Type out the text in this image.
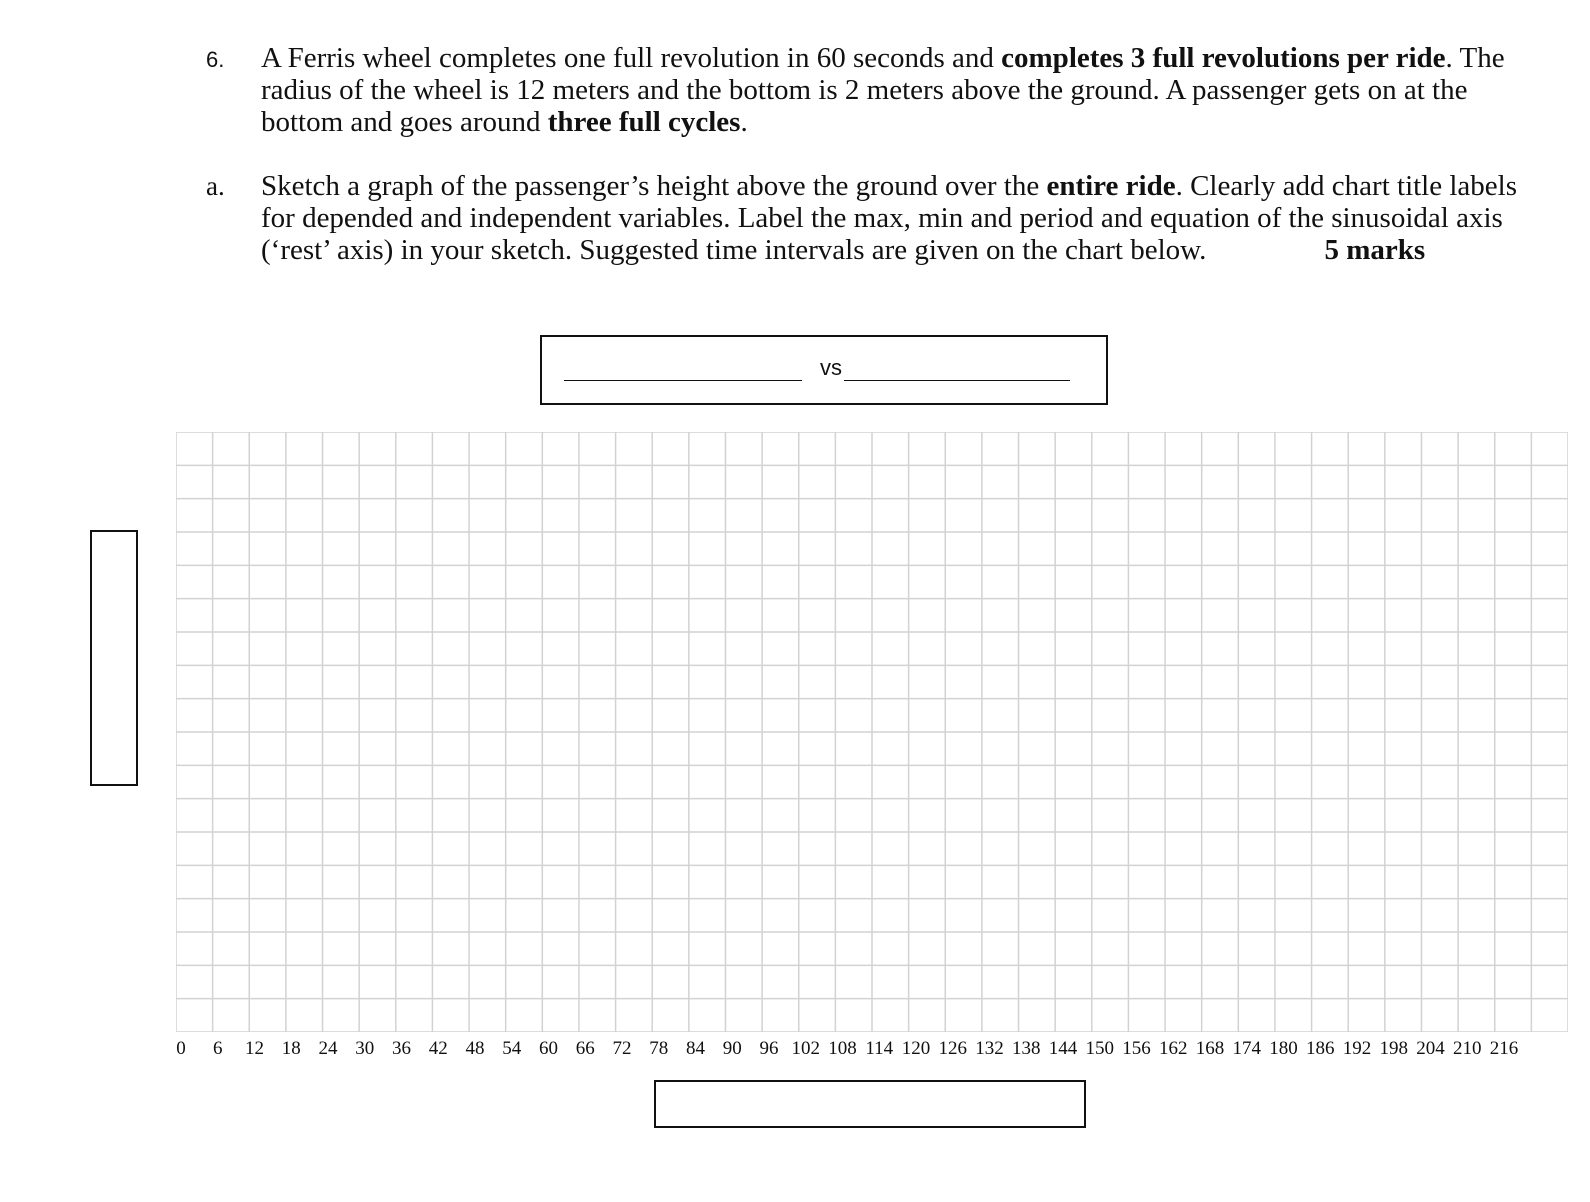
6. A Ferris wheel completes one full revolution in 60 seconds and completes 3 full revolutions per ride. The radius of the wheel is 12 meters and the bottom is 2 meters above the ground. A passenger gets on at the bottom and goes around three full cycles.
a. Sketch a graph of the passenger’s height above the ground over the entire ride. Clearly add chart title labels for depended and independent variables. Label the max, min and period and equation of the sinusoidal axis (‘rest’ axis) in your sketch. Suggested time intervals are given on the chart below.	5 marks
vs
0 6 12 18 24 30 36 42 48 54 60 66 72 78 84 90 96 102 108 114 120 126 132 138 144 150 156 162 168 174 180 186 192 198 204 210 216
